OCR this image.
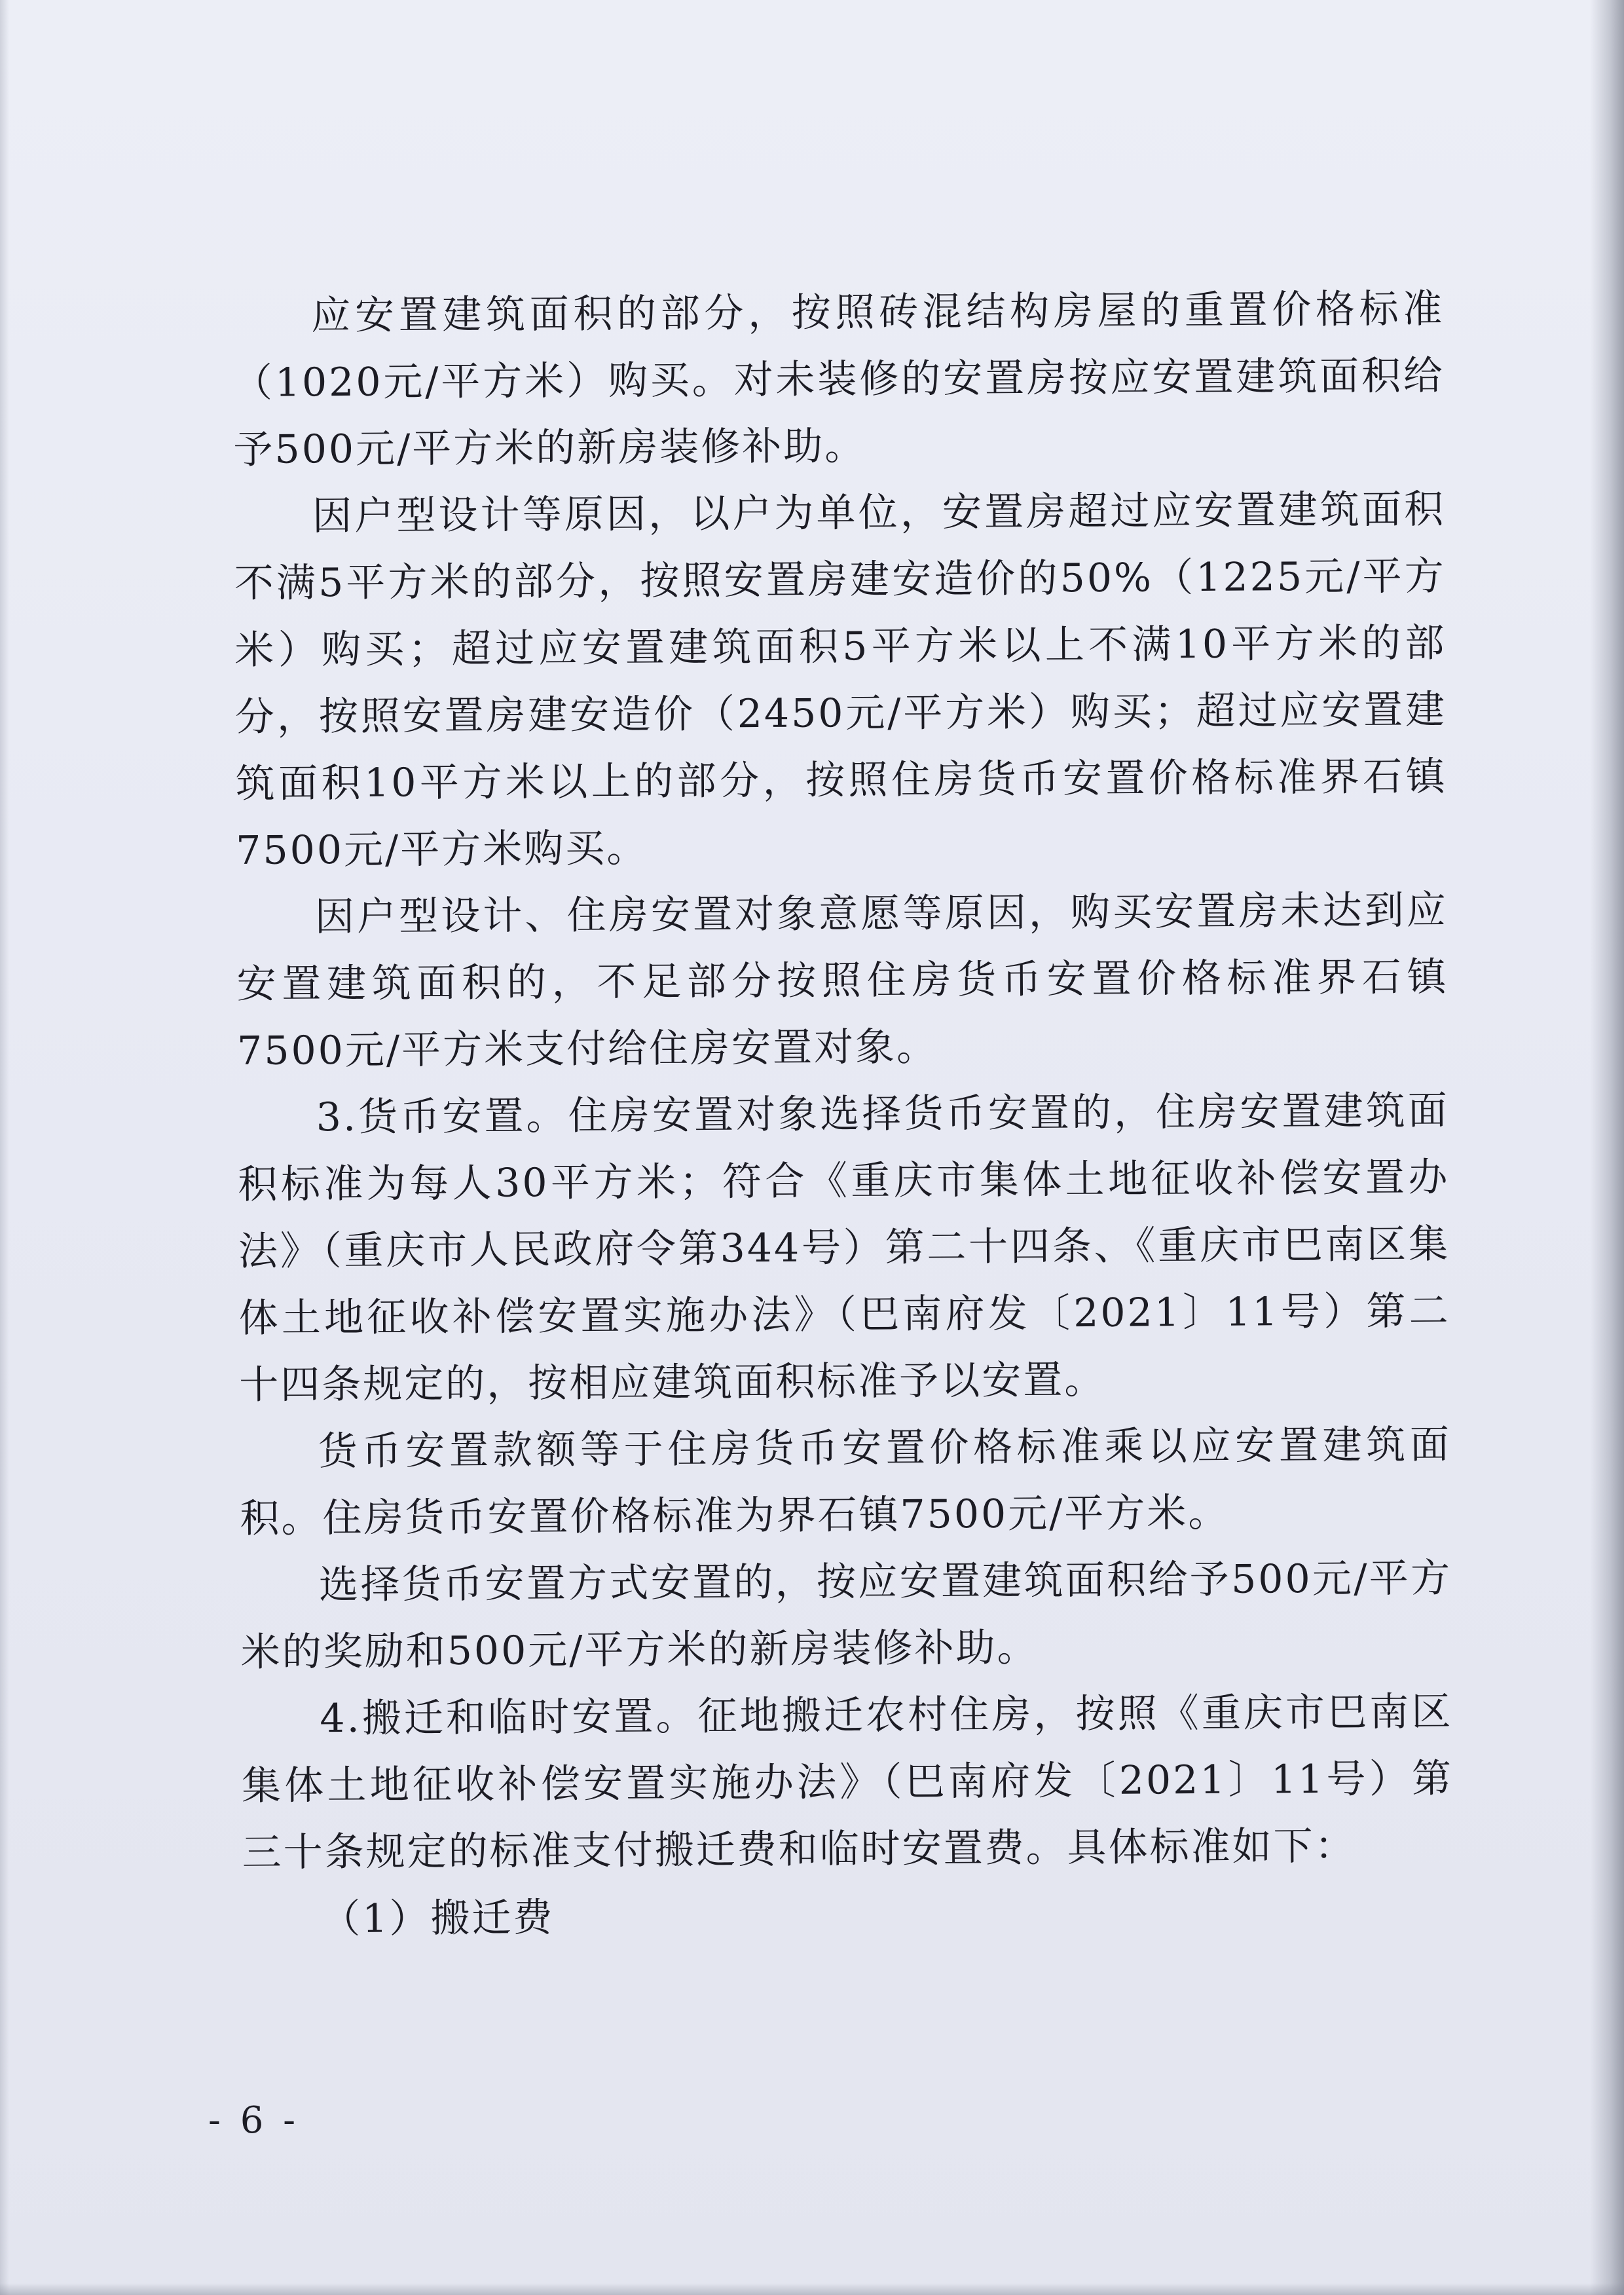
应安置建筑面积的部分，按照砖混结构房屋的重置价格标准（1020元/平方米）购买。对未装修的安置房按应安置建筑面积给予500元/平方米的新房装修补助。

因户型设计等原因，以户为单位，安置房超过应安置建筑面积不满5平方米的部分，按照安置房建安造价的50%（1225元/平方米）购买；超过应安置建筑面积5平方米以上不满10平方米的部分，按照安置房建安造价（2450元/平方米）购买；超过应安置建筑面积10平方米以上的部分，按照住房货币安置价格标准界石镇7500元/平方米购买。

因户型设计、住房安置对象意愿等原因，购买安置房未达到应安置建筑面积的，不足部分按照住房货币安置价格标准界石镇7500元/平方米支付给住房安置对象。

3.货币安置。住房安置对象选择货币安置的，住房安置建筑面积标准为每人30平方米；符合《重庆市集体土地征收补偿安置办法》（重庆市人民政府令第344号）第二十四条、《重庆市巴南区集体土地征收补偿安置实施办法》（巴南府发〔2021〕11号）第二十四条规定的，按相应建筑面积标准予以安置。

货币安置款额等于住房货币安置价格标准乘以应安置建筑面积。住房货币安置价格标准为界石镇7500元/平方米。

选择货币安置方式安置的，按应安置建筑面积给予500元/平方米的奖励和500元/平方米的新房装修补助。

4.搬迁和临时安置。征地搬迁农村住房，按照《重庆市巴南区集体土地征收补偿安置实施办法》（巴南府发〔2021〕11号）第三十条规定的标准支付搬迁费和临时安置费。具体标准如下：

（1）搬迁费

- 6 -
